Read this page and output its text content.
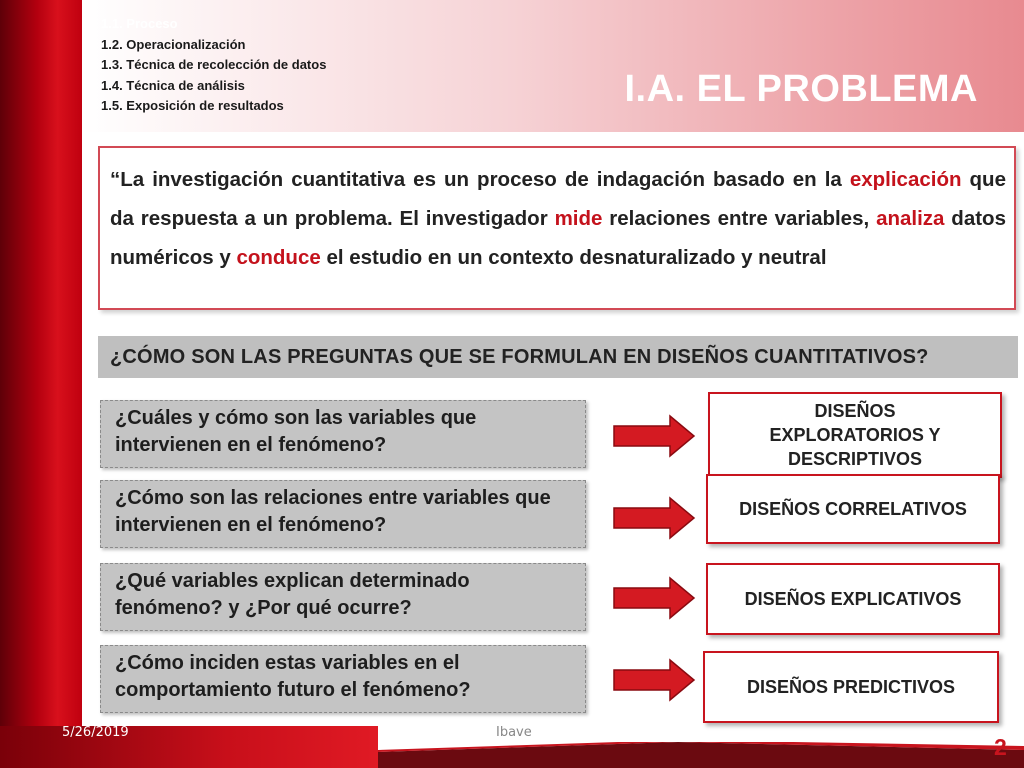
1.1. Proceso
1.2. Operacionalización
1.3. Técnica de recolección de datos
1.4. Técnica de análisis
1.5. Exposición de resultados	I.A. EL PROBLEMA

“La investigación cuantitativa es un proceso de indagación basado en la explicación que da respuesta a un problema. El investigador mide relaciones entre variables, analiza datos numéricos y conduce el estudio en un contexto desnaturalizado y neutral

¿CÓMO SON LAS PREGUNTAS QUE SE FORMULAN EN DISEÑOS CUANTITATIVOS?
¿Cuáles y cómo son las variables que intervienen en el fenómeno?
¿Cómo son las relaciones entre variables que intervienen en el fenómeno?
¿Qué variables explican determinado fenómeno? y ¿Por qué ocurre?
¿Cómo inciden estas variables en el comportamiento futuro el fenómeno?
DISEÑOS
EXPLORATORIOS Y
DESCRIPTIVOS
DISEÑOS CORRELATIVOS
DISEÑOS EXPLICATIVOS
DISEÑOS PREDICTIVOS
5/26/2019	Ibave
2
